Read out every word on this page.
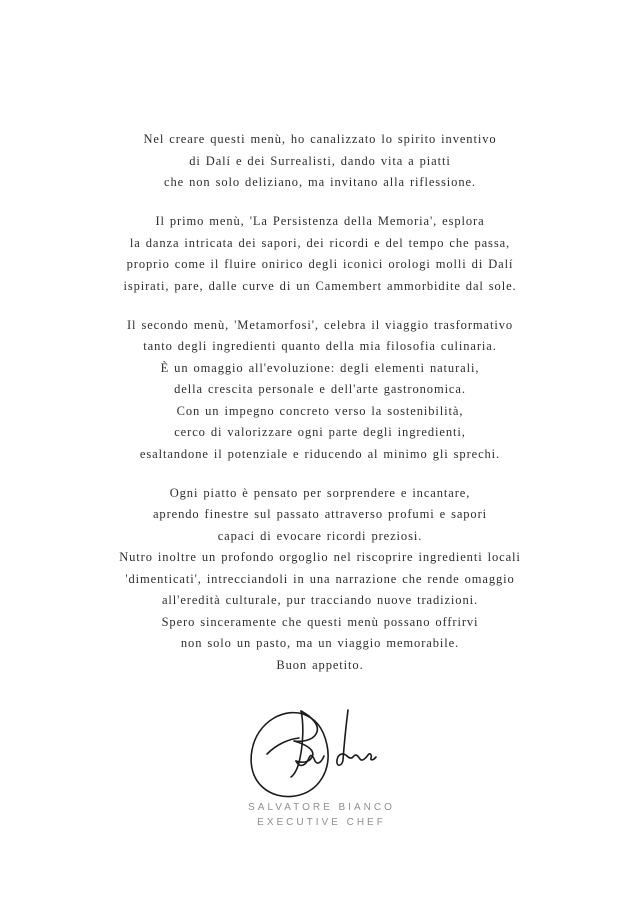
Nel creare questi menù, ho canalizzato lo spirito inventivo
di Dalí e dei Surrealisti, dando vita a piatti
che non solo deliziano, ma invitano alla riflessione.

Il primo menù, 'La Persistenza della Memoria', esplora
la danza intricata dei sapori, dei ricordi e del tempo che passa,
proprio come il fluire onirico degli iconici orologi molli di Dalí
ispirati, pare, dalle curve di un Camembert ammorbidite dal sole.

Il secondo menù, 'Metamorfosi', celebra il viaggio trasformativo
tanto degli ingredienti quanto della mia filosofia culinaria.
È un omaggio all'evoluzione: degli elementi naturali,
della crescita personale e dell'arte gastronomica.
Con un impegno concreto verso la sostenibilità,
cerco di valorizzare ogni parte degli ingredienti,
esaltandone il potenziale e riducendo al minimo gli sprechi.

Ogni piatto è pensato per sorprendere e incantare,
aprendo finestre sul passato attraverso profumi e sapori
capaci di evocare ricordi preziosi.
Nutro inoltre un profondo orgoglio nel riscoprire ingredienti locali
'dimenticati', intrecciandoli in una narrazione che rende omaggio
all'eredità culturale, pur tracciando nuove tradizioni.
Spero sinceramente che questi menù possano offrirvi
non solo un pasto, ma un viaggio memorabile.
Buon appetito.

SALVATORE BIANCO
EXECUTIVE CHEF
